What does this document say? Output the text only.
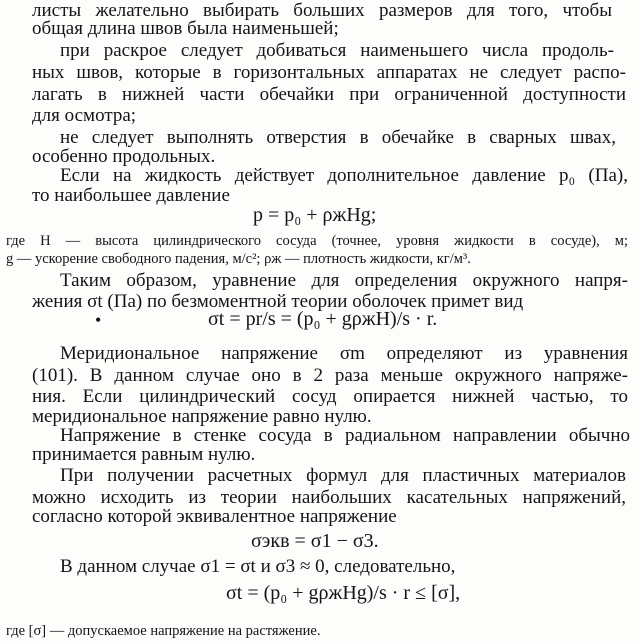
листы желательно выбирать больших размеров для того, чтобы
общая длина швов была наименьшей;
при раскрое следует добиваться наименьшего числа продоль-
ных швов, которые в горизонтальных аппаратах не следует распо-
лагать в нижней части обечайки при ограниченной доступности
для осмотра;
не следует выполнять отверстия в обечайке в сварных швах,
особенно продольных.
Если на жидкость действует дополнительное давление p₀ (Па),
то наибольшее давление
p = p₀ + ρжHg;
где H — высота цилиндрического сосуда (точнее, уровня жидкости в сосуде), м;
g — ускорение свободного падения, м/с²; ρж — плотность жидкости, кг/м³.
Таким образом, уравнение для определения окружного напря-
жения σt (Па) по безмоментной теории оболочек примет вид
•	σt = pr/s = (p₀ + gρжH)/s · r.
Меридиональное напряжение σm определяют из уравнения
(101). В данном случае оно в 2 раза меньше окружного напряже-
ния. Если цилиндрический сосуд опирается нижней частью, то
меридиональное напряжение равно нулю.
Напряжение в стенке сосуда в радиальном направлении обычно
принимается равным нулю.
При получении расчетных формул для пластичных материалов
можно исходить из теории наибольших касательных напряжений,
согласно которой эквивалентное напряжение
σэкв = σ1 − σ3.
В данном случае σ1 = σt и σ3 ≈ 0, следовательно,
σt = (p₀ + gρжHg)/s · r ≤ [σ],
где [σ] — допускаемое напряжение на растяжение.
